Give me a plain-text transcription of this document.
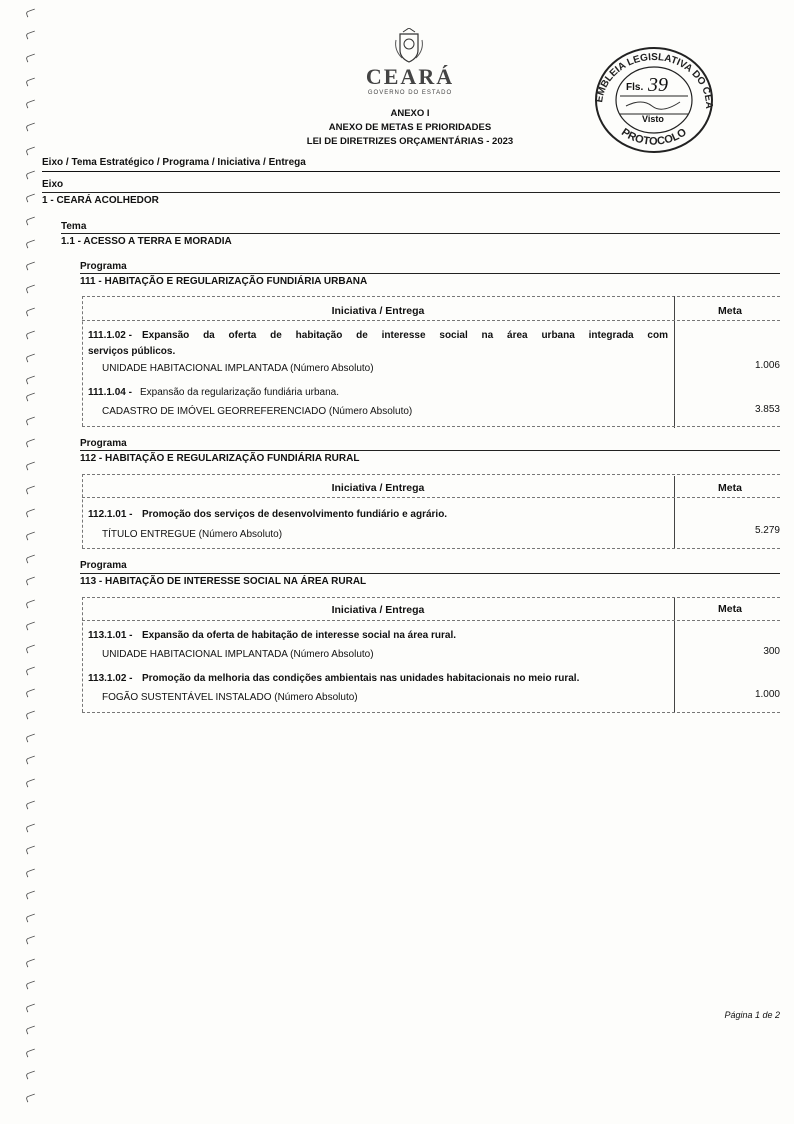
CEARÁ
GOVERNO DO ESTADO
ANEXO I
ANEXO DE METAS E PRIORIDADES
LEI DE DIRETRIZES ORÇAMENTÁRIAS - 2023
EMBLEIA LEGISLATIVA DO CEA
PROTOCOLO
Fls. 39
Visto
Eixo / Tema Estratégico / Programa / Iniciativa / Entrega
Eixo
1 - CEARÁ ACOLHEDOR
Tema
1.1 - ACESSO A TERRA E MORADIA
Programa
111 - HABITAÇÃO E REGULARIZAÇÃO FUNDIÁRIA URBANA
Iniciativa / Entrega	Meta
111.1.02 - Expansão da oferta de habitação de interesse social na área urbana integrada com
serviços públicos.
UNIDADE HABITACIONAL IMPLANTADA (Número Absoluto)	1.006
111.1.04 - Expansão da regularização fundiária urbana.
CADASTRO DE IMÓVEL GEORREFERENCIADO (Número Absoluto)	3.853
Programa
112 - HABITAÇÃO E REGULARIZAÇÃO FUNDIÁRIA RURAL
Iniciativa / Entrega	Meta
112.1.01 - Promoção dos serviços de desenvolvimento fundiário e agrário.
TÍTULO ENTREGUE (Número Absoluto)	5.279
Programa
113 - HABITAÇÃO DE INTERESSE SOCIAL NA ÁREA RURAL
Iniciativa / Entrega	Meta
113.1.01 - Expansão da oferta de habitação de interesse social na área rural.
UNIDADE HABITACIONAL IMPLANTADA (Número Absoluto)	300
113.1.02 - Promoção da melhoria das condições ambientais nas unidades habitacionais no meio rural.
FOGÃO SUSTENTÁVEL INSTALADO (Número Absoluto)	1.000
Página 1 de 2
